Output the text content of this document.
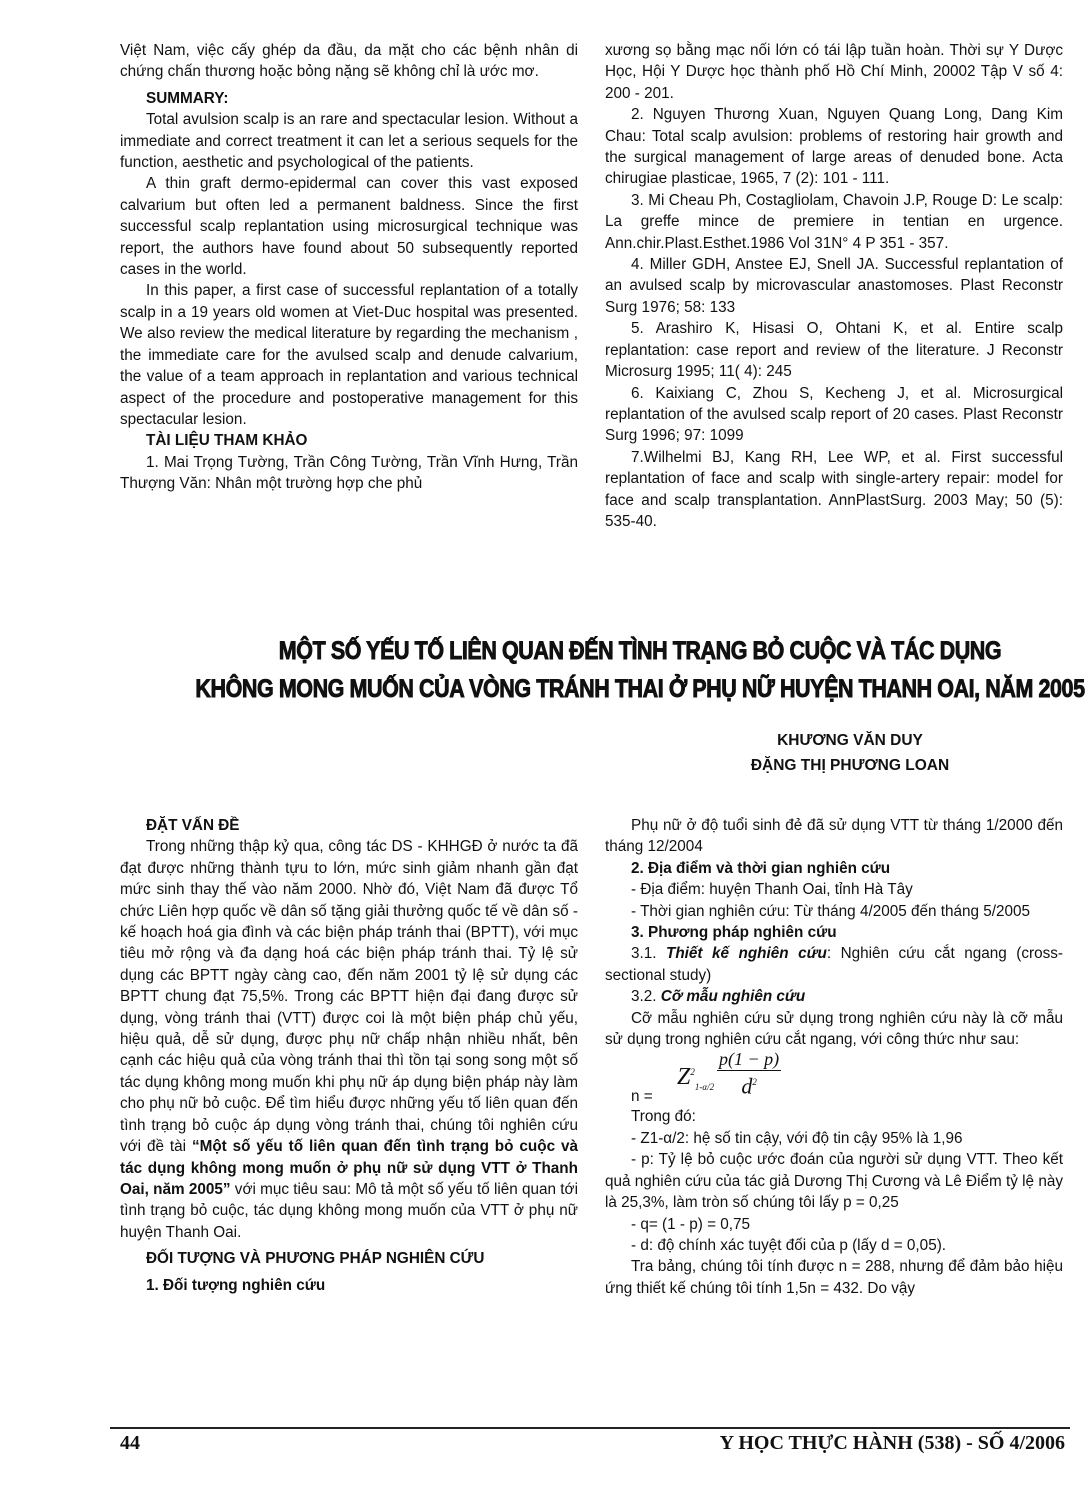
Việt Nam, việc cấy ghép da đầu, da mặt cho các bệnh nhân di chứng chấn thương hoặc bỏng nặng sẽ không chỉ là ước mơ.

SUMMARY:

Total avulsion scalp is an rare and spectacular lesion. Without a immediate and correct treatment it can let a serious sequels for the function, aesthetic and psychological of the patients.

A thin graft dermo-epidermal can cover this vast exposed calvarium but often led a permanent baldness. Since the first successful scalp replantation using microsurgical technique was report, the authors have found about 50 subsequently reported cases in the world.

In this paper, a first case of successful replantation of a totally scalp in a 19 years old women at Viet-Duc hospital was presented. We also review the medical literature by regarding the mechanism , the immediate care for the avulsed scalp and denude calvarium, the value of a team approach in replantation and various technical aspect of the procedure and postoperative management for this spectacular lesion.

TÀI LIỆU THAM KHẢO

1. Mai Trọng Tường, Trần Công Tường, Trần Vĩnh Hưng, Trần Thượng Văn: Nhân một trường hợp che phủ

xương sọ bằng mạc nối lớn có tái lập tuần hoàn. Thời sự Y Dược Học, Hội Y Dược học thành phố Hồ Chí Minh, 20002 Tập V số 4: 200 - 201.

2. Nguyen Thương Xuan, Nguyen Quang Long, Dang Kim Chau: Total scalp avulsion: problems of restoring hair growth and the surgical management of large areas of denuded bone. Acta chirugiae plasticae, 1965, 7 (2): 101 - 111.

3. Mi Cheau Ph, Costagliolam, Chavoin J.P, Rouge D: Le scalp: La greffe mince de premiere in tentian en urgence. Ann.chir.Plast.Esthet.1986 Vol 31N° 4 P 351 - 357.

4. Miller GDH, Anstee EJ, Snell JA. Successful replantation of an avulsed scalp by microvascular anastomoses. Plast Reconstr Surg 1976; 58: 133

5. Arashiro K, Hisasi O, Ohtani K, et al. Entire scalp replantation: case report and review of the literature. J Reconstr Microsurg 1995; 11( 4): 245

6. Kaixiang C, Zhou S, Kecheng J, et al. Microsurgical replantation of the avulsed scalp report of 20 cases. Plast Reconstr Surg 1996; 97: 1099

7.Wilhelmi BJ, Kang RH, Lee WP, et al. First successful replantation of face and scalp with single-artery repair: model for face and scalp transplantation. AnnPlastSurg. 2003 May; 50 (5): 535-40.

MỘT SỐ YẾU TỐ LIÊN QUAN ĐẾN TÌNH TRẠNG BỎ CUỘC VÀ TÁC DỤNG
KHÔNG MONG MUỐN CỦA VÒNG TRÁNH THAI Ở PHỤ NỮ HUYỆN THANH OAI, NĂM 2005
KHƯƠNG VĂN DUY
ĐẶNG THỊ PHƯƠNG LOAN

ĐẶT VẤN ĐỀ

Trong những thập kỷ qua, công tác DS - KHHGĐ ở nước ta đã đạt được những thành tựu to lớn, mức sinh giảm nhanh gần đạt mức sinh thay thế vào năm 2000. Nhờ đó, Việt Nam đã được Tổ chức Liên hợp quốc về dân số tặng giải thưởng quốc tế về dân số - kế hoạch hoá gia đình và các biện pháp tránh thai (BPTT), với mục tiêu mở rộng và đa dạng hoá các biện pháp tránh thai. Tỷ lệ sử dụng các BPTT ngày càng cao, đến năm 2001 tỷ lệ sử dụng các BPTT chung đạt 75,5%. Trong các BPTT hiện đại đang được sử dụng, vòng tránh thai (VTT) được coi là một biện pháp chủ yếu, hiệu quả, dễ sử dụng, được phụ nữ chấp nhận nhiều nhất, bên cạnh các hiệu quả của vòng tránh thai thì tồn tại song song một số tác dụng không mong muốn khi phụ nữ áp dụng biện pháp này làm cho phụ nữ bỏ cuộc. Để tìm hiểu được những yếu tố liên quan đến tình trạng bỏ cuộc áp dụng vòng tránh thai, chúng tôi nghiên cứu với đề tài “Một số yếu tố liên quan đến tình trạng bỏ cuộc và tác dụng không mong muốn ở phụ nữ sử dụng VTT ở Thanh Oai, năm 2005” với mục tiêu sau: Mô tả một số yếu tố liên quan tới tình trạng bỏ cuộc, tác dụng không mong muốn của VTT ở phụ nữ huyện Thanh Oai.

ĐỐI TƯỢNG VÀ PHƯƠNG PHÁP NGHIÊN CỨU

1. Đối tượng nghiên cứu

Phụ nữ ở độ tuổi sinh đẻ đã sử dụng VTT từ tháng 1/2000 đến tháng 12/2004

2. Địa điểm và thời gian nghiên cứu

- Địa điểm: huyện Thanh Oai, tỉnh Hà Tây

- Thời gian nghiên cứu: Từ tháng 4/2005 đến tháng 5/2005

3. Phương pháp nghiên cứu

3.1. Thiết kế nghiên cứu: Nghiên cứu cắt ngang (cross-sectional study)

3.2. Cỡ mẫu nghiên cứu

Cỡ mẫu nghiên cứu sử dụng trong nghiên cứu này là cỡ mẫu sử dụng trong nghiên cứu cắt ngang, với công thức như sau:

n =
$Z^2_{1-\alpha/2}$
p(1 − p)
$d^2$

Trong đó:

- Z1-α/2: hệ số tin cậy, với độ tin cậy 95% là 1,96

- p: Tỷ lệ bỏ cuộc ước đoán của người sử dụng VTT. Theo kết quả nghiên cứu của tác giả Dương Thị Cương và Lê Điểm tỷ lệ này là 25,3%, làm tròn số chúng tôi lấy p = 0,25

- q= (1 - p) = 0,75

- d: độ chính xác tuyệt đối của p (lấy d = 0,05).

Tra bảng, chúng tôi tính được n = 288, nhưng để đảm bảo hiệu ứng thiết kế chúng tôi tính 1,5n = 432. Do vậy

44	Y HỌC THỰC HÀNH (538) - SỐ 4/2006
